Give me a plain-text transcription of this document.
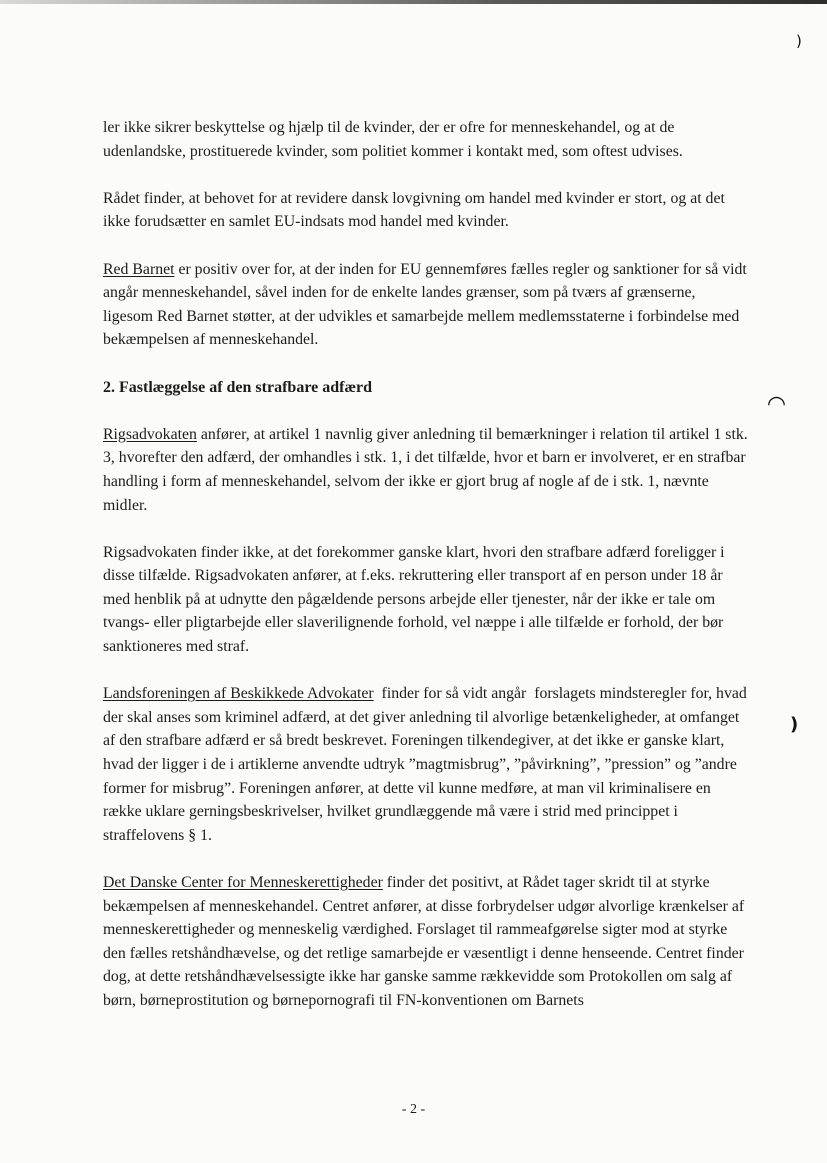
)
◠
)

ler ikke sikrer beskyttelse og hjælp til de kvinder, der er ofre for menneskehandel, og at de udenlandske, prostituerede kvinder, som politiet kommer i kontakt med, som oftest udvises.

Rådet finder, at behovet for at revidere dansk lovgivning om handel med kvinder er stort, og at det ikke forudsætter en samlet EU-indsats mod handel med kvinder.

Red Barnet er positiv over for, at der inden for EU gennemføres fælles regler og sanktioner for så vidt angår menneskehandel, såvel inden for de enkelte landes grænser, som på tværs af grænserne, ligesom Red Barnet støtter, at der udvikles et samarbejde mellem medlemsstaterne i forbindelse med bekæmpelsen af menneskehandel.

2. Fastlæggelse af den strafbare adfærd

Rigsadvokaten anfører, at artikel 1 navnlig giver anledning til bemærkninger i relation til artikel 1 stk. 3, hvorefter den adfærd, der omhandles i stk. 1, i det tilfælde, hvor et barn er involveret, er en strafbar handling i form af menneskehandel, selvom der ikke er gjort brug af nogle af de i stk. 1, nævnte midler.

Rigsadvokaten finder ikke, at det forekommer ganske klart, hvori den strafbare adfærd foreligger i disse tilfælde. Rigsadvokaten anfører, at f.eks. rekruttering eller transport af en person under 18 år med henblik på at udnytte den pågældende persons arbejde eller tjenester, når der ikke er tale om tvangs- eller pligtarbejde eller slaverilignende forhold, vel næppe i alle tilfælde er forhold, der bør sanktioneres med straf.

Landsforeningen af Beskikkede Advokater  finder for så vidt angår  forslagets mindsteregler for, hvad der skal anses som kriminel adfærd, at det giver anledning til alvorlige betænkeligheder, at omfanget af den strafbare adfærd er så bredt beskrevet. Foreningen tilkendegiver, at det ikke er ganske klart, hvad der ligger i de i artiklerne anvendte udtryk ”magtmisbrug”, ”påvirkning”, ”pression” og ”andre former for misbrug”. Foreningen anfører, at dette vil kunne medføre, at man vil kriminalisere en række uklare gerningsbeskrivelser, hvilket grundlæggende må være i strid med princippet i straffelovens § 1.

Det Danske Center for Menneskerettigheder finder det positivt, at Rådet tager skridt til at styrke bekæmpelsen af menneskehandel. Centret anfører, at disse forbrydelser udgør alvorlige krænkelser af menneskerettigheder og menneskelig værdighed. Forslaget til rammeafgørelse sigter mod at styrke den fælles retshåndhævelse, og det retlige samarbejde er væsentligt i denne henseende. Centret finder dog, at dette retshåndhævelsessigte ikke har ganske samme rækkevidde som Protokollen om salg af børn, børneprostitution og børnepornografi til FN-konventionen om Barnets

- 2 -
